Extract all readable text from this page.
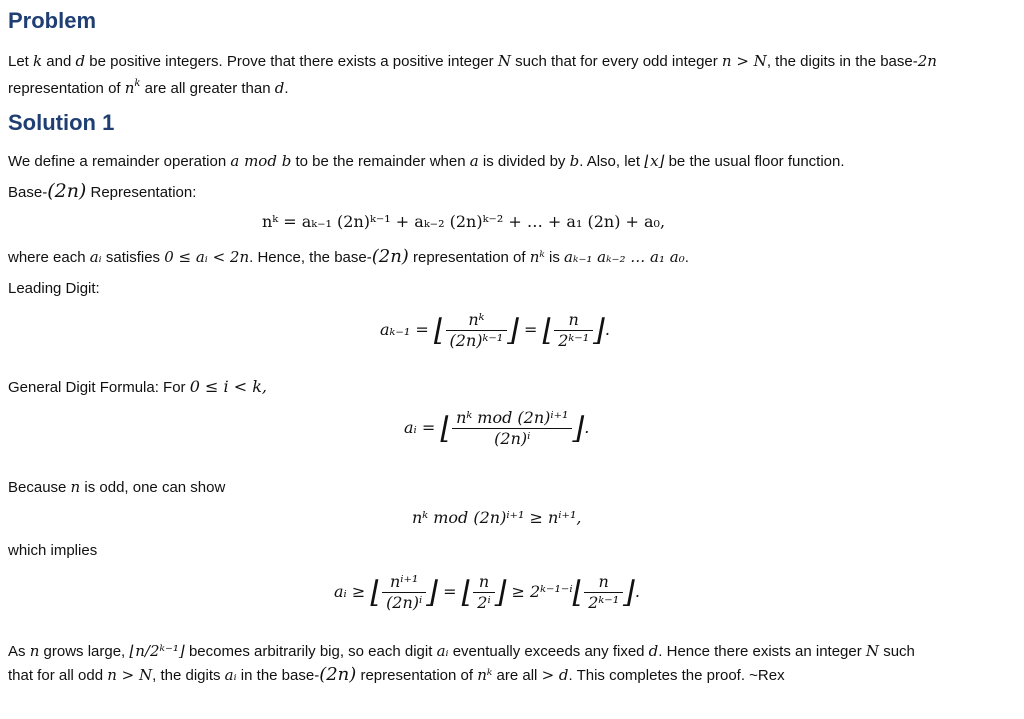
Problem
Let k and d be positive integers. Prove that there exists a positive integer N such that for every odd integer n > N, the digits in the base-2n
representation of $n^k$ are all greater than d.
Solution 1
We define a remainder operation a mod b to be the remainder when a is divided by b. Also, let ⌊x⌋ be the usual floor function.
Base-(2n) Representation:
nᵏ = aₖ₋₁ (2n)ᵏ⁻¹ + aₖ₋₂ (2n)ᵏ⁻² + … + a₁ (2n) + a₀,
where each aᵢ satisfies 0 ≤ aᵢ < 2n. Hence, the base-(2n) representation of nᵏ is aₖ₋₁ aₖ₋₂ … a₁ a₀.
Leading Digit:
aₖ₋₁ = ⌊ $\frac{\text{nᵏ}}{\text{(2n)ᵏ⁻¹}}$ ⌋ = ⌊ $\frac{n}{\text{2ᵏ⁻¹}}$ ⌋.
General Digit Formula: For 0 ≤ i < k,
aᵢ = ⌊ $\frac{\text{nᵏ mod (2n)ⁱ⁺¹}}{\text{(2n)ⁱ}}$ ⌋.
Because n is odd, one can show
nᵏ mod (2n)ⁱ⁺¹ ≥ nⁱ⁺¹,
which implies
aᵢ ≥ ⌊ $\frac{\text{nⁱ⁺¹}}{\text{(2n)ⁱ}}$ ⌋ = ⌊ $\frac{n}{\text{2ⁱ}}$ ⌋ ≥ 2ᵏ⁻¹⁻ⁱ⌊ $\frac{n}{\text{2ᵏ⁻¹}}$ ⌋.
As n grows large, ⌊n/2ᵏ⁻¹⌋ becomes arbitrarily big, so each digit aᵢ eventually exceeds any fixed d. Hence there exists an integer N such
that for all odd n > N, the digits aᵢ in the base-(2n) representation of nᵏ are all > d. This completes the proof. ~Rex
